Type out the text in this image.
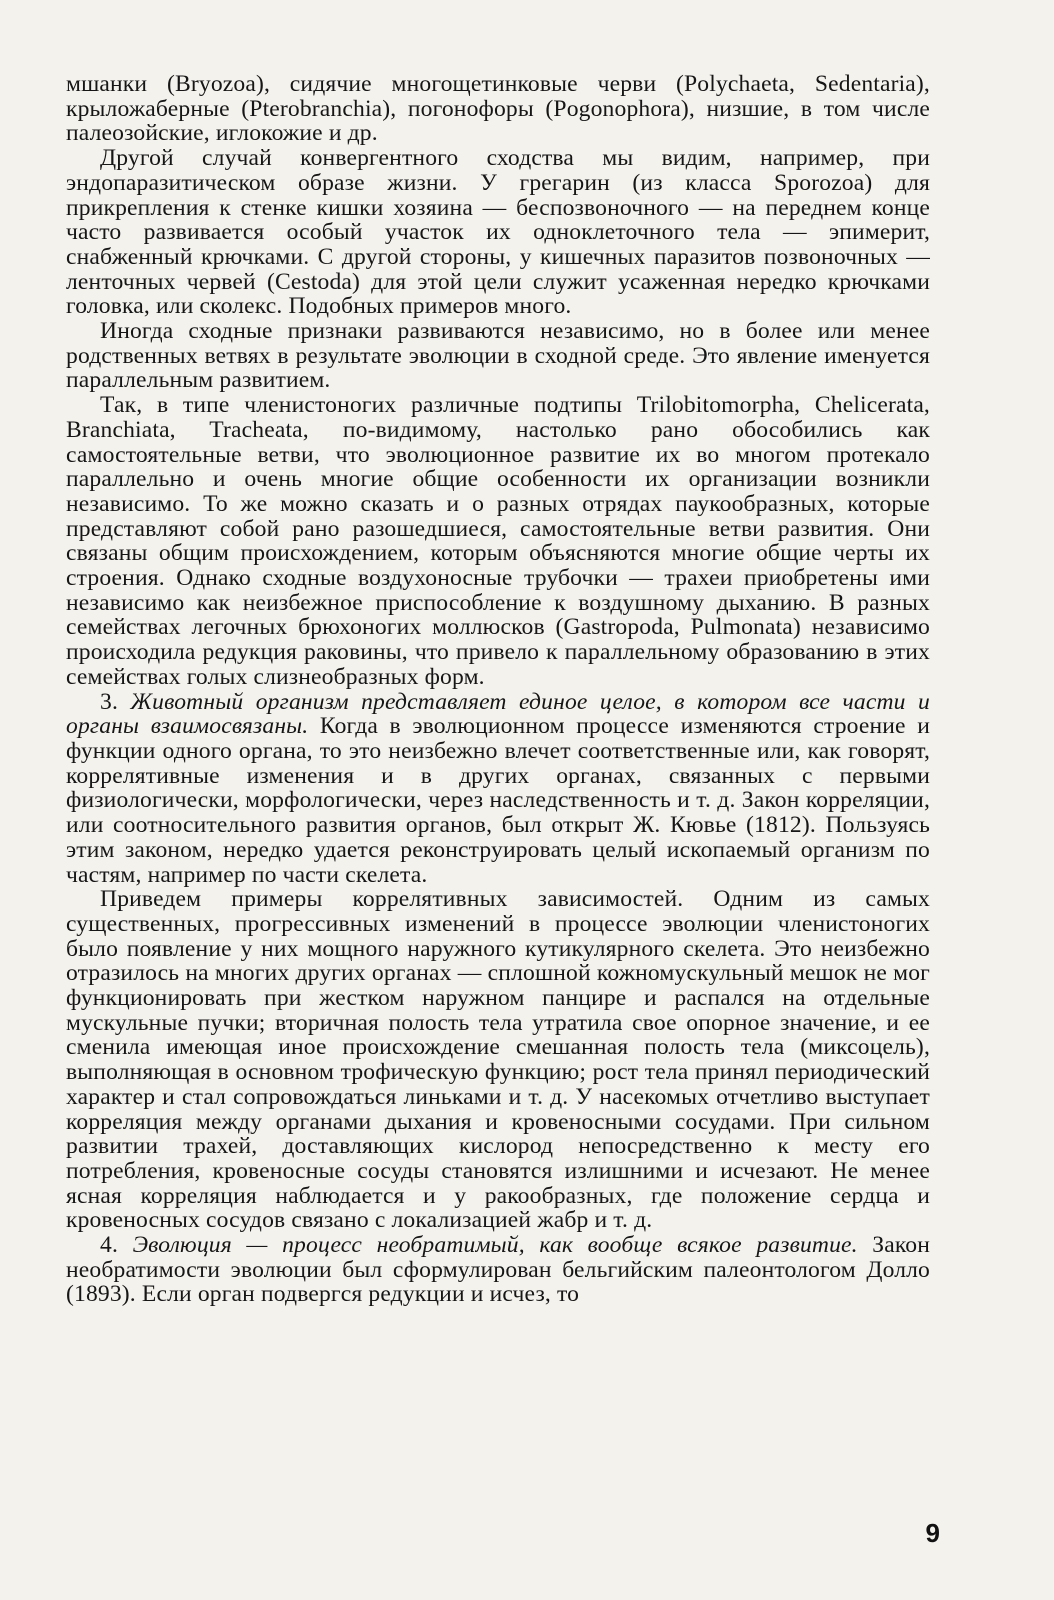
мшанки (Bryozoa), сидячие многощетинковые черви (Polychaeta, Sedentaria), крыложаберные (Pterobranchia), погонофоры (Pogonophora), низшие, в том числе палеозойские, иглокожие и др.

Другой случай конвергентного сходства мы видим, например, при эндопаразитическом образе жизни. У грегарин (из класса Sporozoa) для прикрепления к стенке кишки хозяина — беспозвоночного — на переднем конце часто развивается особый участок их одноклеточного тела — эпимерит, снабженный крючками. С другой стороны, у кишечных паразитов позвоночных — ленточных червей (Cestoda) для этой цели служит усаженная нередко крючками головка, или сколекс. Подобных примеров много.

Иногда сходные признаки развиваются независимо, но в более или менее родственных ветвях в результате эволюции в сходной среде. Это явление именуется параллельным развитием.

Так, в типе членистоногих различные подтипы Trilobitomorpha, Chelicerata, Branchiata, Tracheata, по-видимому, настолько рано обособились как самостоятельные ветви, что эволюционное развитие их во многом протекало параллельно и очень многие общие особенности их организации возникли независимо. То же можно сказать и о разных отрядах паукообразных, которые представляют собой рано разошедшиеся, самостоятельные ветви развития. Они связаны общим происхождением, которым объясняются многие общие черты их строения. Однако сходные воздухоносные трубочки — трахеи приобретены ими независимо как неизбежное приспособление к воздушному дыханию. В разных семействах легочных брюхоногих моллюсков (Gastropoda, Pulmonata) независимо происходила редукция раковины, что привело к параллельному образованию в этих семействах голых слизнеобразных форм.

3. Животный организм представляет единое целое, в котором все части и органы взаимосвязаны. Когда в эволюционном процессе изменяются строение и функции одного органа, то это неизбежно влечет соответственные или, как говорят, коррелятивные изменения и в других органах, связанных с первыми физиологически, морфологически, через наследственность и т. д. Закон корреляции, или соотносительного развития органов, был открыт Ж. Кювье (1812). Пользуясь этим законом, нередко удается реконструировать целый ископаемый организм по частям, например по части скелета.

Приведем примеры коррелятивных зависимостей. Одним из самых существенных, прогрессивных изменений в процессе эволюции членистоногих было появление у них мощного наружного кутикулярного скелета. Это неизбежно отразилось на многих других органах — сплошной кожномускульный мешок не мог функционировать при жестком наружном панцире и распался на отдельные мускульные пучки; вторичная полость тела утратила свое опорное значение, и ее сменила имеющая иное происхождение смешанная полость тела (миксоцель), выполняющая в основном трофическую функцию; рост тела принял периодический характер и стал сопровождаться линьками и т. д. У насекомых отчетливо выступает корреляция между органами дыхания и кровеносными сосудами. При сильном развитии трахей, доставляющих кислород непосредственно к месту его потребления, кровеносные сосуды становятся излишними и исчезают. Не менее ясная корреляция наблюдается и у ракообразных, где положение сердца и кровеносных сосудов связано с локализацией жабр и т. д.

4. Эволюция — процесс необратимый, как вообще всякое развитие. Закон необратимости эволюции был сформулирован бельгийским палеонтологом Долло (1893). Если орган подвергся редукции и исчез, то

9
